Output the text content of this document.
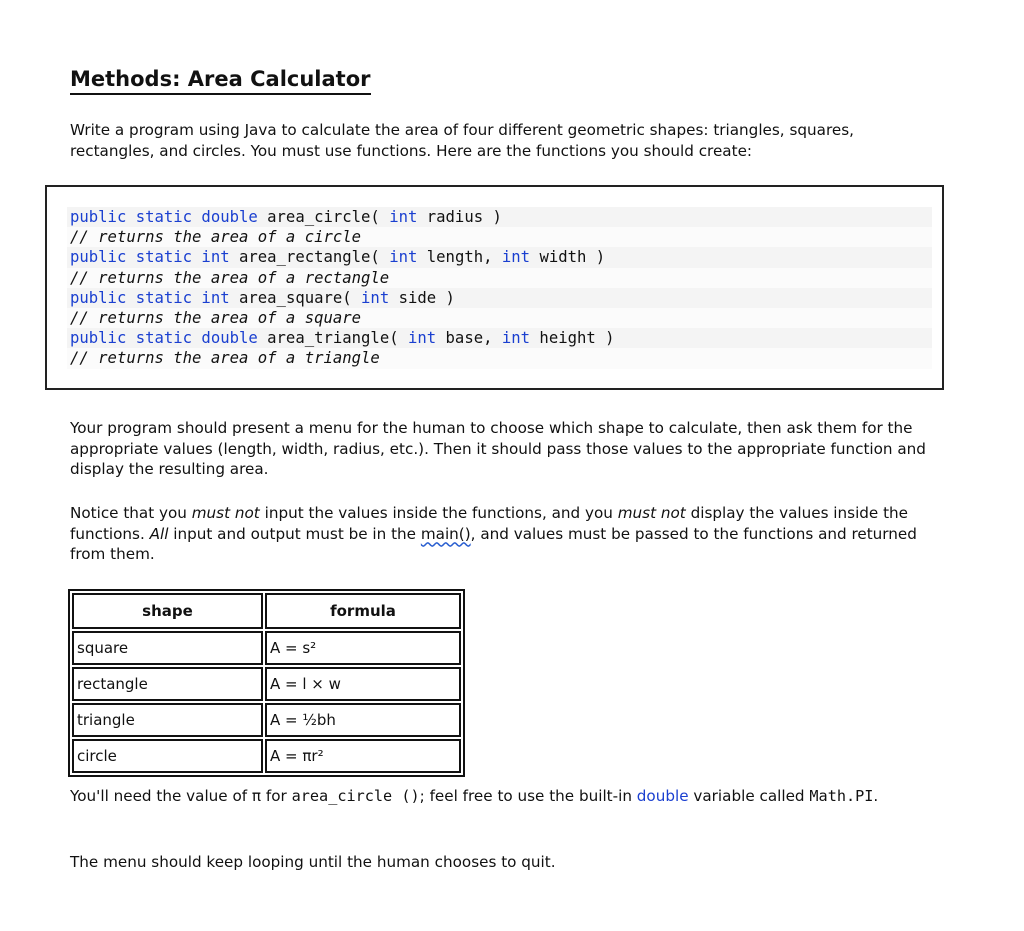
Methods: Area Calculator

Write a program using Java to calculate the area of four different geometric shapes: triangles, squares, rectangles, and circles. You must use functions. Here are the functions you should create:

public static double area_circle( int radius )
// returns the area of a circle
public static int area_rectangle( int length, int width )
// returns the area of a rectangle
public static int area_square( int side )
// returns the area of a square
public static double area_triangle( int base, int height )
// returns the area of a triangle

Your program should present a menu for the human to choose which shape to calculate, then ask them for the appropriate values (length, width, radius, etc.). Then it should pass those values to the appropriate function and display the resulting area.

Notice that you must not input the values inside the functions, and you must not display the values inside the functions. All input and output must be in the main(), and values must be passed to the functions and returned from them.

shape	formula
square	A = s²
rectangle	A = l × w
triangle	A = ½bh
circle	A = πr²

You'll need the value of π for area_circle (); feel free to use the built-in double variable called Math.PI.

The menu should keep looping until the human chooses to quit.
